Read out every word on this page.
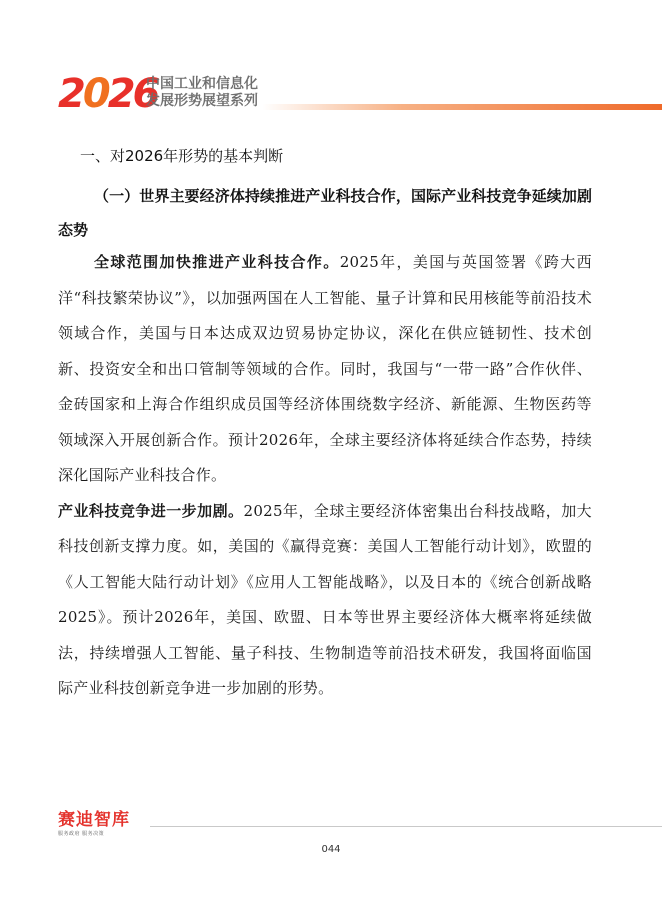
2026
中国工业和信息化
发展形势展望系列
一、对2026年形势的基本判断
（一）世界主要经济体持续推进产业科技合作，国际产业科技竞争延续加剧态势

全球范围加快推进产业科技合作。2025年，美国与英国签署《跨大西洋“科技繁荣协议”》，以加强两国在人工智能、量子计算和民用核能等前沿技术领域合作，美国与日本达成双边贸易协定协议，深化在供应链韧性、技术创新、投资安全和出口管制等领域的合作。同时，我国与“一带一路”合作伙伴、金砖国家和上海合作组织成员国等经济体围绕数字经济、新能源、生物医药等领域深入开展创新合作。预计2026年，全球主要经济体将延续合作态势，持续深化国际产业科技合作。

产业科技竞争进一步加剧。2025年，全球主要经济体密集出台科技战略，加大科技创新支撑力度。如，美国的《赢得竞赛：美国人工智能行动计划》，欧盟的《人工智能大陆行动计划》《应用人工智能战略》，以及日本的《统合创新战略2025》。预计2026年，美国、欧盟、日本等世界主要经济体大概率将延续做法，持续增强人工智能、量子科技、生物制造等前沿技术研发，我国将面临国际产业科技创新竞争进一步加剧的形势。

赛迪智库
服务政府 服务决策
044
